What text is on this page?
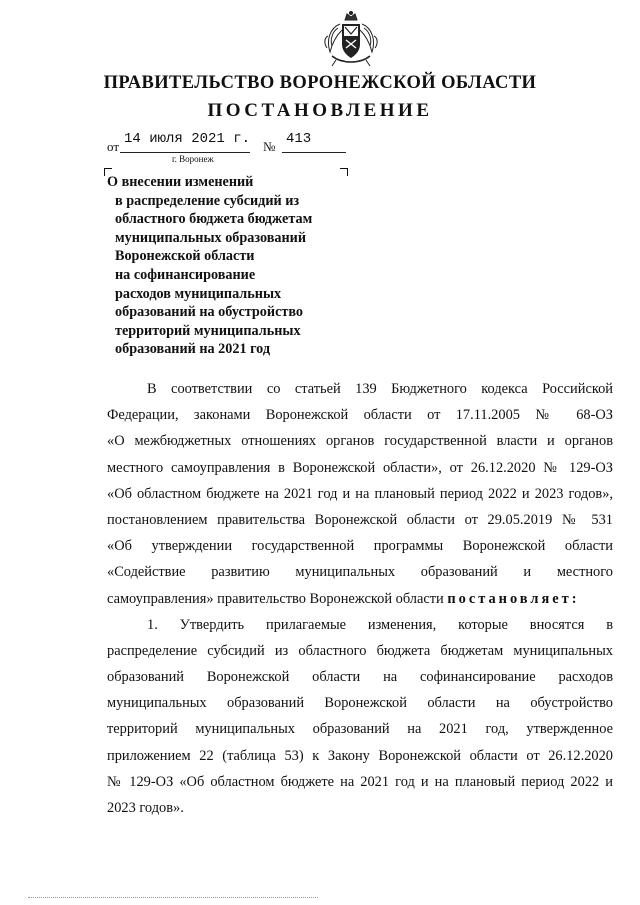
ПРАВИТЕЛЬСТВО ВОРОНЕЖСКОЙ ОБЛАСТИ
ПОСТАНОВЛЕНИЕ
от 14 июля 2021 г. № 413
г. Воронеж
О внесении изменений
в распределение субсидий из
областного бюджета бюджетам
муниципальных образований
Воронежской области
на софинансирование
расходов муниципальных
образований на обустройство
территорий муниципальных
образований на 2021 год
В соответствии со статьей 139 Бюджетного кодекса Российской
Федерации, законами Воронежской области от 17.11.2005 № 68-ОЗ
«О межбюджетных отношениях органов государственной власти и органов
местного самоуправления в Воронежской области», от 26.12.2020 № 129-ОЗ
«Об областном бюджете на 2021 год и на плановый период 2022 и 2023 годов»,
постановлением правительства Воронежской области от 29.05.2019 № 531
«Об утверждении государственной программы Воронежской области
«Содействие развитию муниципальных образований и местного
самоуправления» правительство Воронежской области постановляет:
1. Утвердить прилагаемые изменения, которые вносятся в
распределение субсидий из областного бюджета бюджетам муниципальных
образований Воронежской области на софинансирование расходов
муниципальных образований Воронежской области на обустройство
территорий муниципальных образований на 2021 год, утвержденное
приложением 22 (таблица 53) к Закону Воронежской области от 26.12.2020
№ 129-ОЗ «Об областном бюджете на 2021 год и на плановый период 2022 и
2023 годов».
